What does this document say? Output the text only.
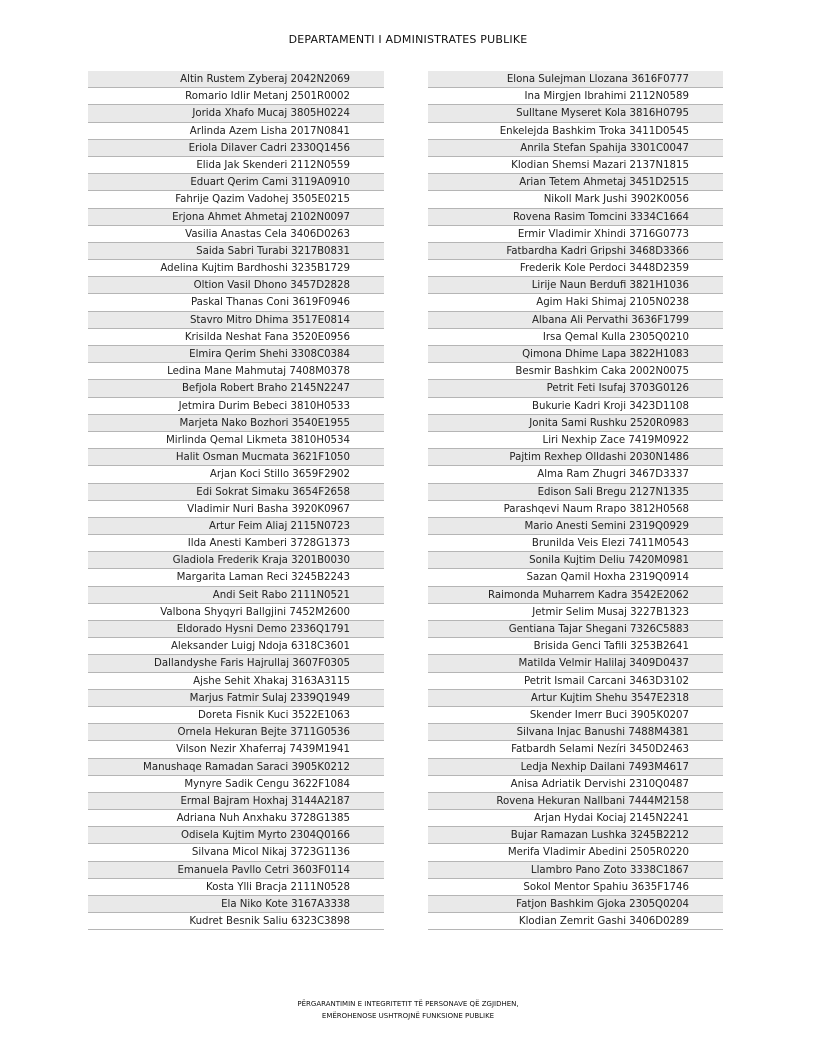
DEPARTAMENTI I ADMINISTRATES PUBLIKE
Altin Rustem Zyberaj 2042N2069
Romario Idlir Metanj 2501R0002
Jorida Xhafo Mucaj 3805H0224
Arlinda Azem Lisha 2017N0841
Eriola Dilaver Cadri 2330Q1456
Elida Jak Skenderi 2112N0559
Eduart Qerim Cami 3119A0910
Fahrije Qazim Vadohej 3505E0215
Erjona Ahmet Ahmetaj 2102N0097
Vasilia Anastas Cela 3406D0263
Saida Sabri Turabi 3217B0831
Adelina Kujtim Bardhoshi 3235B1729
Oltion Vasil Dhono 3457D2828
Paskal Thanas Coni 3619F0946
Stavro Mitro Dhima 3517E0814
Krisilda Neshat Fana 3520E0956
Elmira Qerim Shehi 3308C0384
Ledina Mane Mahmutaj 7408M0378
Befjola Robert Braho 2145N2247
Jetmira Durim Bebeci 3810H0533
Marjeta Nako Bozhori 3540E1955
Mirlinda Qemal Likmeta 3810H0534
Halit Osman Mucmata 3621F1050
Arjan Koci Stillo 3659F2902
Edi Sokrat Simaku 3654F2658
Vladimir Nuri Basha 3920K0967
Artur Feim Aliaj 2115N0723
Ilda Anesti Kamberi 3728G1373
Gladiola Frederik Kraja 3201B0030
Margarita Laman Reci 3245B2243
Andi Seit Rabo 2111N0521
Valbona Shyqyri Ballgjini 7452M2600
Eldorado Hysni Demo 2336Q1791
Aleksander Luigj Ndoja 6318C3601
Dallandyshe Faris Hajrullaj 3607F0305
Ajshe Sehit Xhakaj 3163A3115
Marjus Fatmir Sulaj 2339Q1949
Doreta Fisnik Kuci 3522E1063
Ornela Hekuran Bejte 3711G0536
Vilson Nezir Xhaferraj 7439M1941
Manushaqe Ramadan Saraci 3905K0212
Mynyre Sadik Cengu 3622F1084
Ermal Bajram Hoxhaj 3144A2187
Adriana Nuh Anxhaku 3728G1385
Odisela Kujtim Myrto 2304Q0166
Silvana Micol Nikaj 3723G1136
Emanuela Pavllo Cetri 3603F0114
Kosta Ylli Bracja 2111N0528
Ela Niko Kote 3167A3338
Kudret Besnik Saliu 6323C3898
Elona Sulejman Llozana 3616F0777
Ina Mirgjen Ibrahimi 2112N0589
Sulltane Myseret Kola 3816H0795
Enkelejda Bashkim Troka 3411D0545
Anrila Stefan Spahija 3301C0047
Klodian Shemsi Mazari 2137N1815
Arian Tetem Ahmetaj 3451D2515
Nikoll Mark Jushi 3902K0056
Rovena Rasim Tomcini 3334C1664
Ermir Vladimir Xhindi 3716G0773
Fatbardha Kadri Gripshi 3468D3366
Frederik Kole Perdoci 3448D2359
Lirije Naun Berdufi 3821H1036
Agim Haki Shimaj 2105N0238
Albana Ali Pervathi 3636F1799
Irsa Qemal Kulla 2305Q0210
Qimona Dhime Lapa 3822H1083
Besmir Bashkim Caka 2002N0075
Petrit Feti Isufaj 3703G0126
Bukurie Kadri Kroji 3423D1108
Jonita Sami Rushku 2520R0983
Liri Nexhip Zace 7419M0922
Pajtim Rexhep Olldashi 2030N1486
Alma Ram Zhugri 3467D3337
Edison Sali Bregu 2127N1335
Parashqevi Naum Rrapo 3812H0568
Mario Anesti Semini 2319Q0929
Brunilda Veis Elezi 7411M0543
Sonila Kujtim Deliu 7420M0981
Sazan Qamil Hoxha 2319Q0914
Raimonda Muharrem Kadra 3542E2062
Jetmir Selim Musaj 3227B1323
Gentiana Tajar Shegani 7326C5883
Brisida Genci Tafili 3253B2641
Matilda Velmir Halilaj 3409D0437
Petrit Ismail Carcani 3463D3102
Artur Kujtim Shehu 3547E2318
Skender Imerr Buci 3905K0207
Silvana Injac Banushi 7488M4381
Fatbardh Selami Nezíri 3450D2463
Ledja Nexhip Dailani 7493M4617
Anisa Adriatik Dervishi 2310Q0487
Rovena Hekuran Nallbani 7444M2158
Arjan Hydai Kociaj 2145N2241
Bujar Ramazan Lushka 3245B2212
Merifa Vladimir Abedini 2505R0220
Llambro Pano Zoto 3338C1867
Sokol Mentor Spahiu 3635F1746
Fatjon Bashkim Gjoka 2305Q0204
Klodian Zemrit Gashi 3406D0289
PËRGARANTIMIN E INTEGRITETIT TË PERSONAVE QË ZGJIDHEN,
EMËROHENOSE USHTROJNË FUNKSIONE PUBLIKE
